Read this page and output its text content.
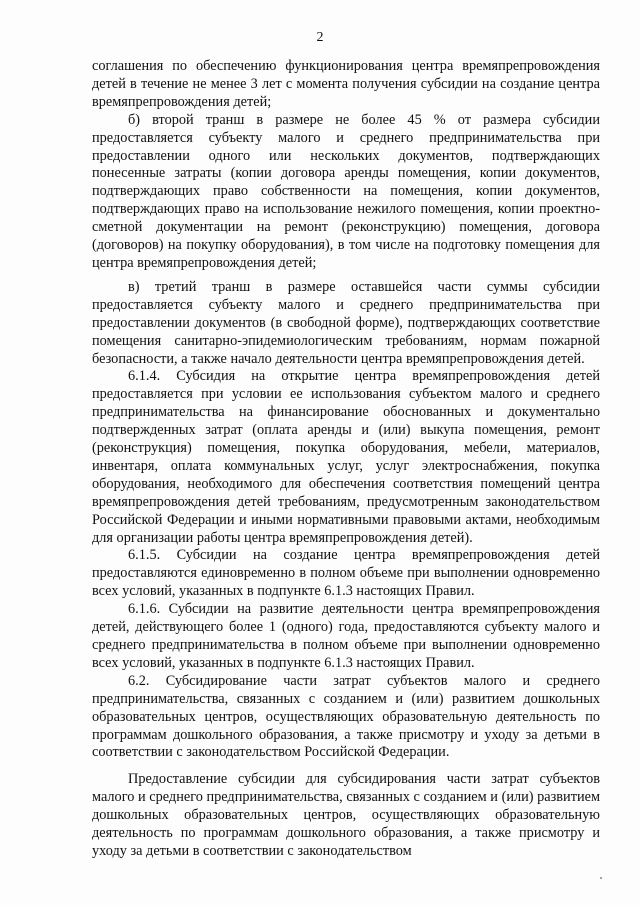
2

соглашения по обеспечению функционирования центра времяпрепровождения детей в течение не менее 3 лет с момента получения субсидии на создание центра времяпрепровождения детей;

б) второй транш в размере не более 45 % от размера субсидии предоставляется субъекту малого и среднего предпринимательства при предоставлении одного или нескольких документов, подтверждающих понесенные затраты (копии договора аренды помещения, копии документов, подтверждающих право собственности на помещения, копии документов, подтверждающих право на использование нежилого помещения, копии проектно-сметной документации на ремонт (реконструкцию) помещения, договора (договоров) на покупку оборудования), в том числе на подготовку помещения для центра времяпрепровождения детей;

в) третий транш в размере оставшейся части суммы субсидии предоставляется субъекту малого и среднего предпринимательства при предоставлении документов (в свободной форме), подтверждающих соответствие помещения санитарно-эпидемиологическим требованиям, нормам пожарной безопасности, а также начало деятельности центра времяпрепровождения детей.

6.1.4. Субсидия на открытие центра времяпрепровождения детей предоставляется при условии ее использования субъектом малого и среднего предпринимательства на финансирование обоснованных и документально подтвержденных затрат (оплата аренды и (или) выкупа помещения, ремонт (реконструкция) помещения, покупка оборудования, мебели, материалов, инвентаря, оплата коммунальных услуг, услуг электроснабжения, покупка оборудования, необходимого для обеспечения соответствия помещений центра времяпрепровождения детей требованиям, предусмотренным законодательством Российской Федерации и иными нормативными правовыми актами, необходимым для организации работы центра времяпрепровождения детей).

6.1.5. Субсидии на создание центра времяпрепровождения детей предоставляются единовременно в полном объеме при выполнении одновременно всех условий, указанных в подпункте 6.1.3 настоящих Правил.

6.1.6. Субсидии на развитие деятельности центра времяпрепровождения детей, действующего более 1 (одного) года, предоставляются субъекту малого и среднего предпринимательства в полном объеме при выполнении одновременно всех условий, указанных в подпункте 6.1.3 настоящих Правил.

6.2. Субсидирование части затрат субъектов малого и среднего предпринимательства, связанных с созданием и (или) развитием дошкольных образовательных центров, осуществляющих образовательную деятельность по программам дошкольного образования, а также присмотру и уходу за детьми в соответствии с законодательством Российской Федерации.

Предоставление субсидии для субсидирования части затрат субъектов малого и среднего предпринимательства, связанных с созданием и (или) развитием дошкольных образовательных центров, осуществляющих образовательную деятельность по программам дошкольного образования, а также присмотру и уходу за детьми в соответствии с законодательством
